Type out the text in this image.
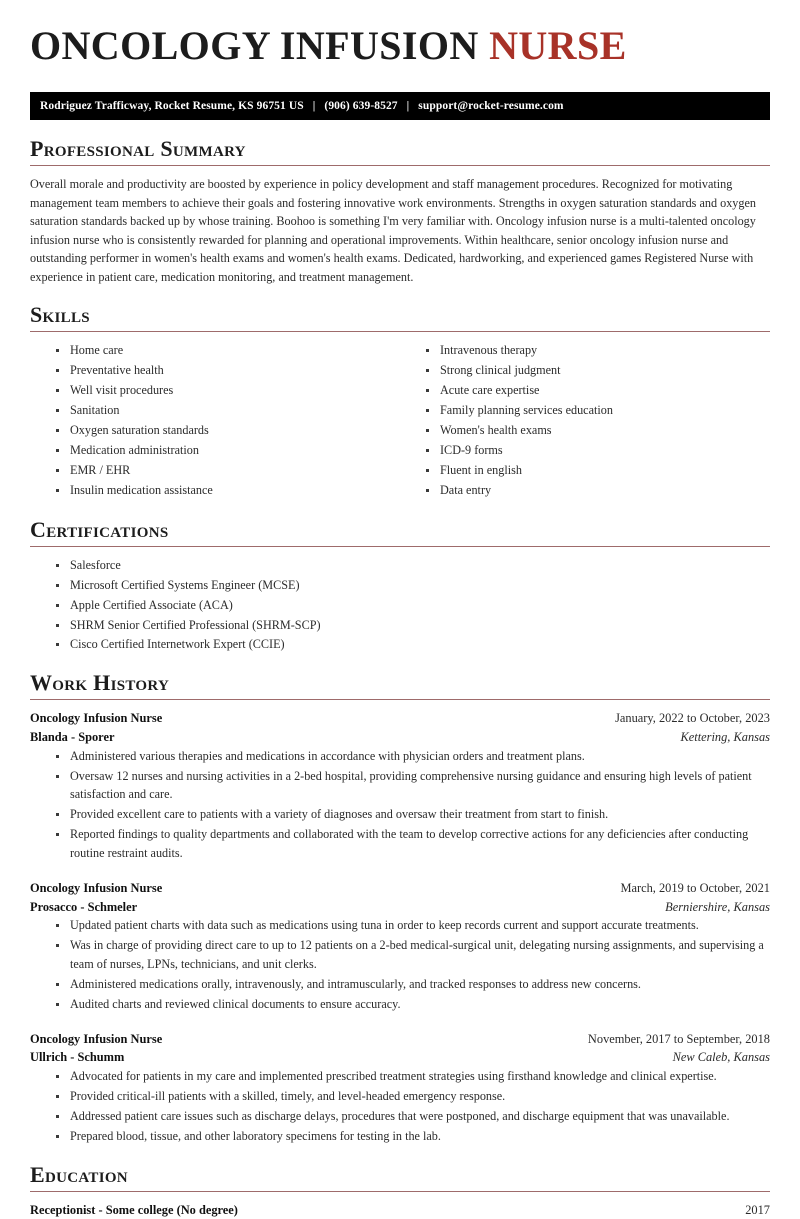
ONCOLOGY INFUSION NURSE
Rodriguez Trafficway, Rocket Resume, KS 96751 US | (906) 639-8527 | support@rocket-resume.com
Professional Summary
Overall morale and productivity are boosted by experience in policy development and staff management procedures. Recognized for motivating management team members to achieve their goals and fostering innovative work environments. Strengths in oxygen saturation standards and oxygen saturation standards backed up by whose training. Boohoo is something I'm very familiar with. Oncology infusion nurse is a multi-talented oncology infusion nurse who is consistently rewarded for planning and operational improvements. Within healthcare, senior oncology infusion nurse and outstanding performer in women's health exams and women's health exams. Dedicated, hardworking, and experienced games Registered Nurse with experience in patient care, medication monitoring, and treatment management.
Skills
Home care
Preventative health
Well visit procedures
Sanitation
Oxygen saturation standards
Medication administration
EMR / EHR
Insulin medication assistance
Intravenous therapy
Strong clinical judgment
Acute care expertise
Family planning services education
Women's health exams
ICD-9 forms
Fluent in english
Data entry
Certifications
Salesforce
Microsoft Certified Systems Engineer (MCSE)
Apple Certified Associate (ACA)
SHRM Senior Certified Professional (SHRM-SCP)
Cisco Certified Internetwork Expert (CCIE)
Work History
Oncology Infusion Nurse	January, 2022 to October, 2023
Blanda - Sporer	Kettering, Kansas
Administered various therapies and medications in accordance with physician orders and treatment plans.
Oversaw 12 nurses and nursing activities in a 2-bed hospital, providing comprehensive nursing guidance and ensuring high levels of patient satisfaction and care.
Provided excellent care to patients with a variety of diagnoses and oversaw their treatment from start to finish.
Reported findings to quality departments and collaborated with the team to develop corrective actions for any deficiencies after conducting routine restraint audits.
Oncology Infusion Nurse	March, 2019 to October, 2021
Prosacco - Schmeler	Berniershire, Kansas
Updated patient charts with data such as medications using tuna in order to keep records current and support accurate treatments.
Was in charge of providing direct care to up to 12 patients on a 2-bed medical-surgical unit, delegating nursing assignments, and supervising a team of nurses, LPNs, technicians, and unit clerks.
Administered medications orally, intravenously, and intramuscularly, and tracked responses to address new concerns.
Audited charts and reviewed clinical documents to ensure accuracy.
Oncology Infusion Nurse	November, 2017 to September, 2018
Ullrich - Schumm	New Caleb, Kansas
Advocated for patients in my care and implemented prescribed treatment strategies using firsthand knowledge and clinical expertise.
Provided critical-ill patients with a skilled, timely, and level-headed emergency response.
Addressed patient care issues such as discharge delays, procedures that were postponed, and discharge equipment that was unavailable.
Prepared blood, tissue, and other laboratory specimens for testing in the lab.
Education
Receptionist - Some college (No degree)	2017
